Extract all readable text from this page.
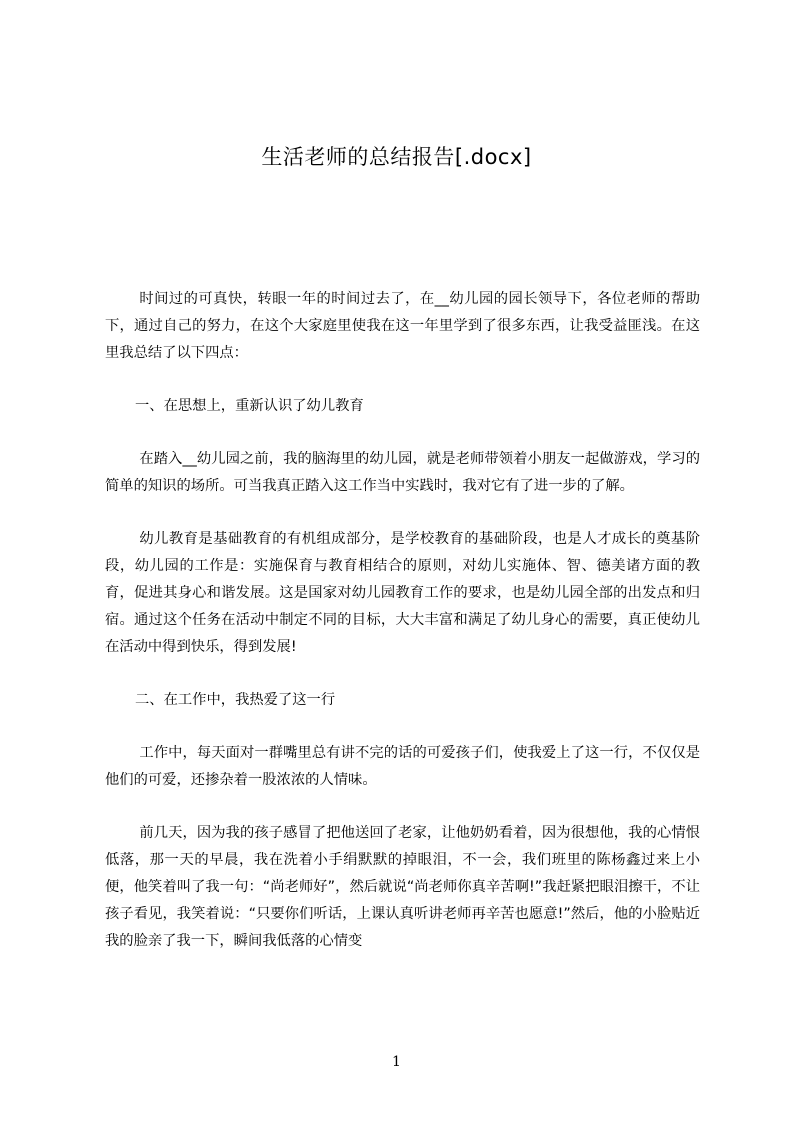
生活老师的总结报告[.docx]

时间过的可真快，转眼一年的时间过去了，在__幼儿园的园长领导下，各位老师的帮助下，通过自己的努力，在这个大家庭里使我在这一年里学到了很多东西，让我受益匪浅。在这里我总结了以下四点：

一、在思想上，重新认识了幼儿教育

在踏入__幼儿园之前，我的脑海里的幼儿园，就是老师带领着小朋友一起做游戏，学习的简单的知识的场所。可当我真正踏入这工作当中实践时，我对它有了进一步的了解。

幼儿教育是基础教育的有机组成部分，是学校教育的基础阶段，也是人才成长的奠基阶段，幼儿园的工作是：实施保育与教育相结合的原则，对幼儿实施体、智、德美诸方面的教育，促进其身心和谐发展。这是国家对幼儿园教育工作的要求，也是幼儿园全部的出发点和归宿。通过这个任务在活动中制定不同的目标，大大丰富和满足了幼儿身心的需要，真正使幼儿在活动中得到快乐，得到发展!

二、在工作中，我热爱了这一行

工作中，每天面对一群嘴里总有讲不完的话的可爱孩子们，使我爱上了这一行，不仅仅是他们的可爱，还掺杂着一股浓浓的人情味。

前几天，因为我的孩子感冒了把他送回了老家，让他奶奶看着，因为很想他，我的心情恨低落，那一天的早晨，我在洗着小手绢默默的掉眼泪，不一会，我们班里的陈杨鑫过来上小便，他笑着叫了我一句：“尚老师好”，然后就说“尚老师你真辛苦啊!”我赶紧把眼泪擦干，不让孩子看见，我笑着说：“只要你们听话，上课认真听讲老师再辛苦也愿意!”然后，他的小脸贴近我的脸亲了我一下，瞬间我低落的心情变

1
